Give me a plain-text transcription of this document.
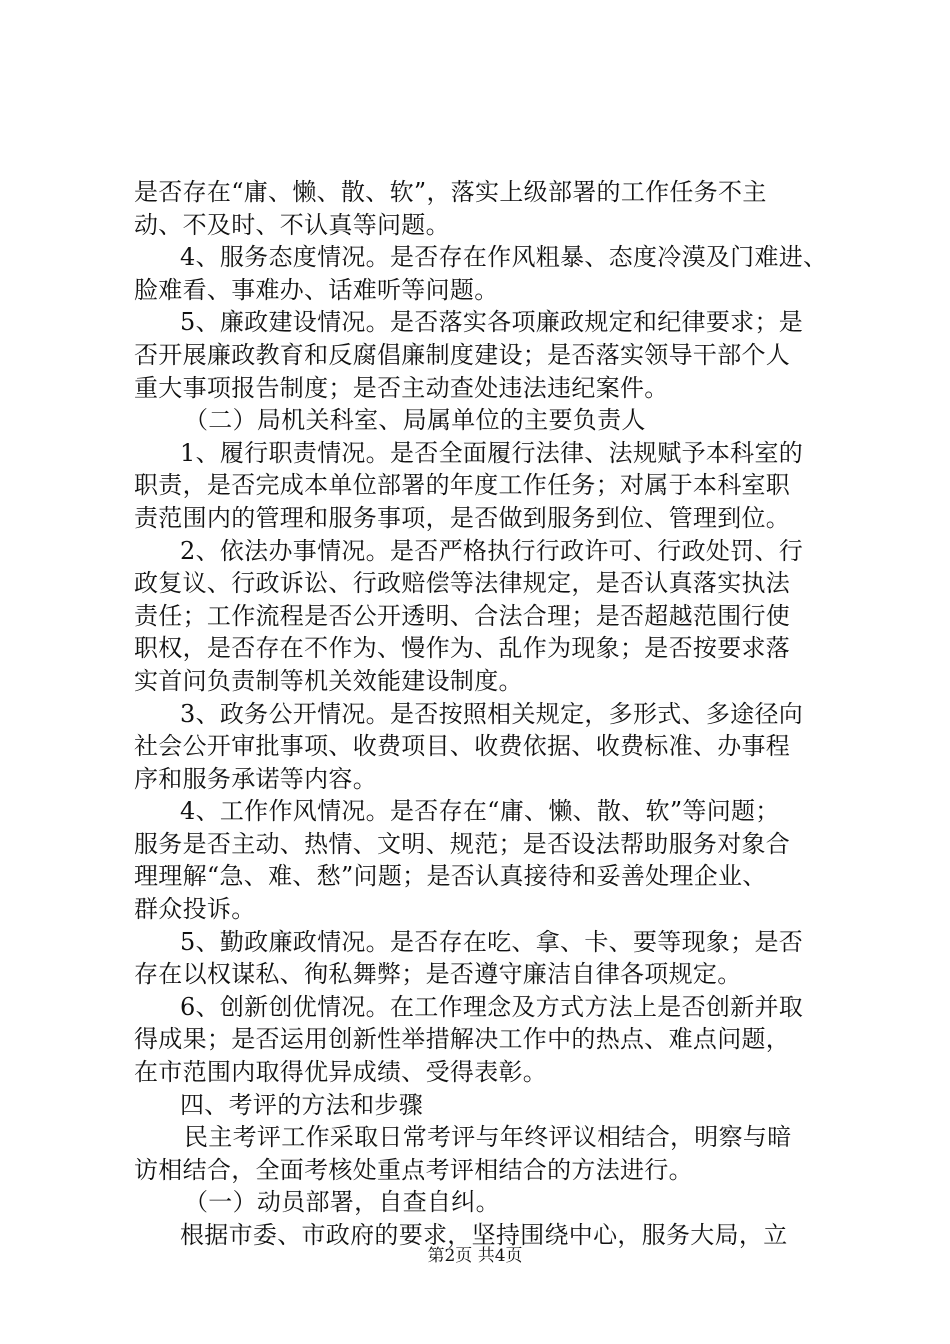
是否存在“庸、懒、散、软”，落实上级部署的工作任务不主
动、不及时、不认真等问题。
4、服务态度情况。是否存在作风粗暴、态度冷漠及门难进、
脸难看、事难办、话难听等问题。
5、廉政建设情况。是否落实各项廉政规定和纪律要求；是
否开展廉政教育和反腐倡廉制度建设；是否落实领导干部个人
重大事项报告制度；是否主动查处违法违纪案件。
（二）局机关科室、局属单位的主要负责人
1、履行职责情况。是否全面履行法律、法规赋予本科室的
职责，是否完成本单位部署的年度工作任务；对属于本科室职
责范围内的管理和服务事项，是否做到服务到位、管理到位。
2、依法办事情况。是否严格执行行政许可、行政处罚、行
政复议、行政诉讼、行政赔偿等法律规定，是否认真落实执法
责任；工作流程是否公开透明、合法合理；是否超越范围行使
职权，是否存在不作为、慢作为、乱作为现象；是否按要求落
实首问负责制等机关效能建设制度。
3、政务公开情况。是否按照相关规定，多形式、多途径向
社会公开审批事项、收费项目、收费依据、收费标准、办事程
序和服务承诺等内容。
4、工作作风情况。是否存在“庸、懒、散、软”等问题；
服务是否主动、热情、文明、规范；是否设法帮助服务对象合
理理解“急、难、愁”问题；是否认真接待和妥善处理企业、
群众投诉。
5、勤政廉政情况。是否存在吃、拿、卡、要等现象；是否
存在以权谋私、徇私舞弊；是否遵守廉洁自律各项规定。
6、创新创优情况。在工作理念及方式方法上是否创新并取
得成果；是否运用创新性举措解决工作中的热点、难点问题，
在市范围内取得优异成绩、受得表彰。
四、考评的方法和步骤
民主考评工作采取日常考评与年终评议相结合，明察与暗
访相结合，全面考核处重点考评相结合的方法进行。
（一）动员部署，自查自纠。
根据市委、市政府的要求，坚持围绕中心，服务大局，立
第2页 共4页
